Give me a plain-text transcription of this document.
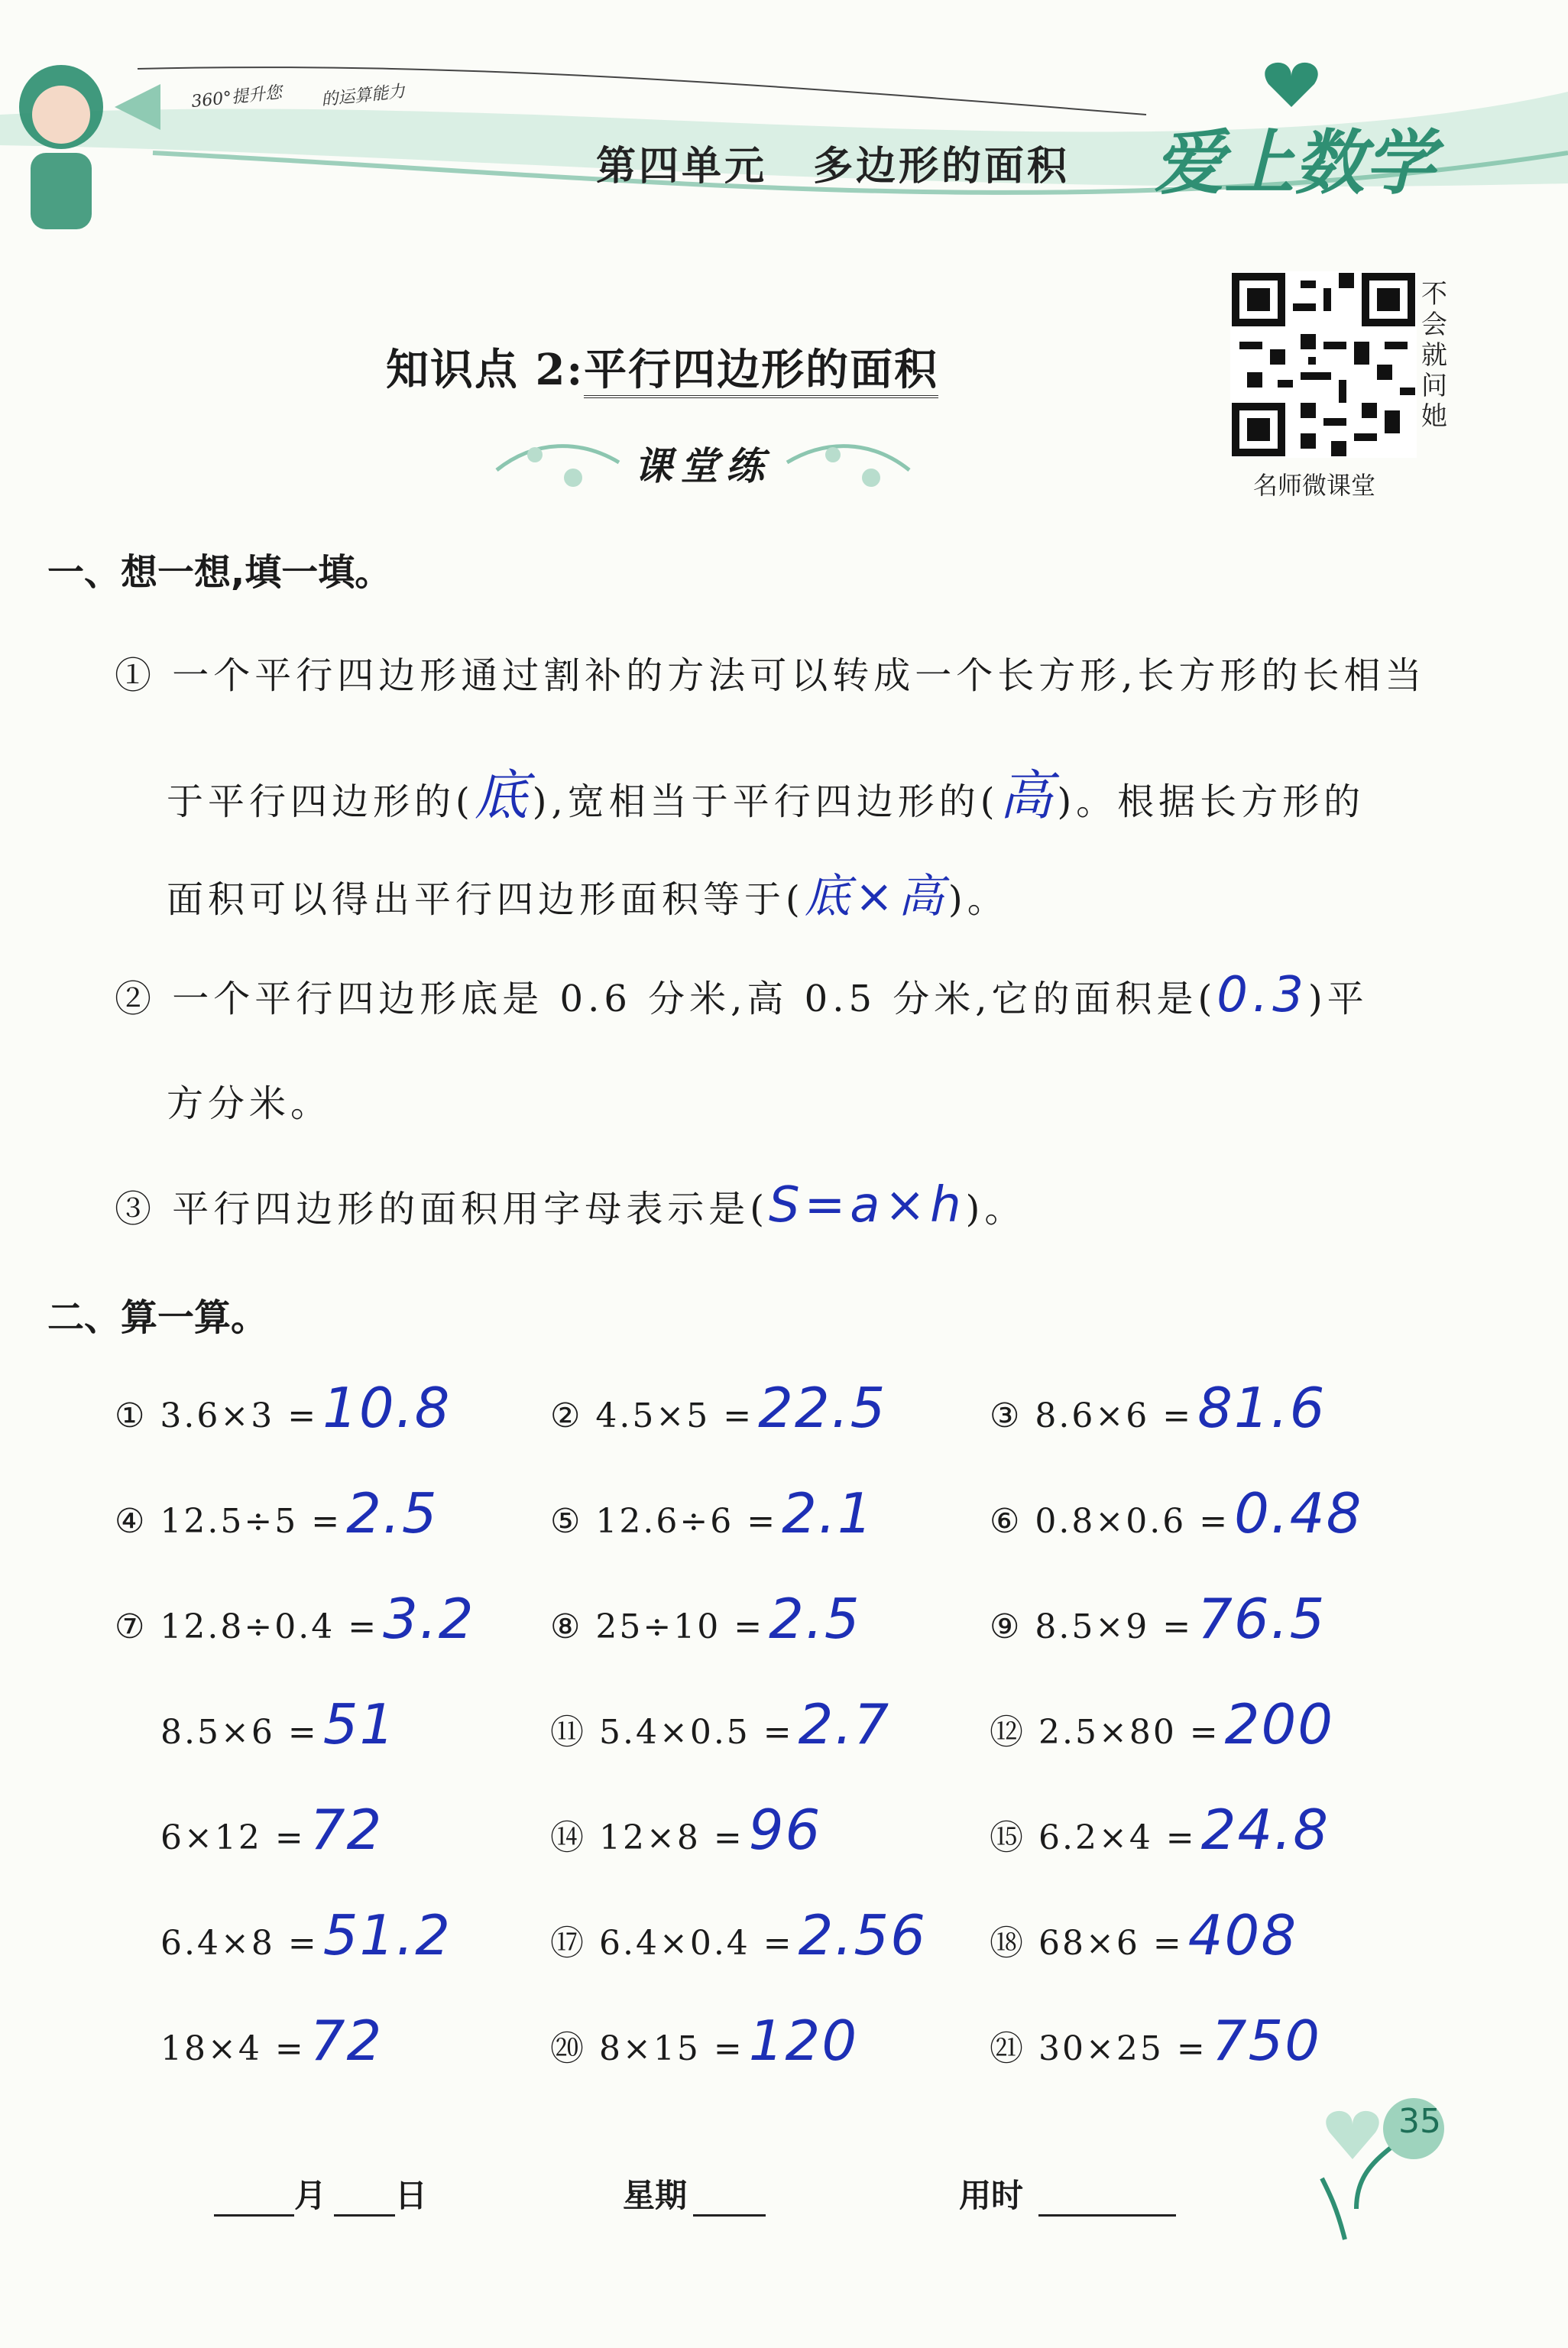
360°提升您 的运算能力
第四单元 多边形的面积	爱上数学
不会就问她
名师微课堂
知识点 2:平行四边形的面积
课堂练
一、想一想,填一填。
① 一个平行四边形通过割补的方法可以转成一个长方形,长方形的长相当
于平行四边形的(底),宽相当于平行四边形的(高)。根据长方形的
面积可以得出平行四边形面积等于(底×高)。
② 一个平行四边形底是 0.6 分米,高 0.5 分米,它的面积是(0.3)平
方分米。
③ 平行四边形的面积用字母表示是(S=a×h)。
二、算一算。
① 3.6×3 =10.8	② 4.5×5 =22.5	③ 8.6×6 =81.6
④ 12.5÷5 =2.5	⑤ 12.6÷6 =2.1	⑥ 0.8×0.6 =0.48
⑦ 12.8÷0.4 =3.2 ⑧ 25÷10 =2.5	⑨ 8.5×9 =76.5
8.5×6 =51	⑪ 5.4×0.5 =2.7	⑫ 2.5×80 =200
6×12 =72	⑭ 12×8 =96	⑮ 6.2×4 =24.8
6.4×8 =51.2	⑰ 6.4×0.4 =2.56 ⑱ 68×6 =408
18×4 =72	⑳ 8×15 =120	㉑ 30×25 =750
35
月 日	星期	用时
